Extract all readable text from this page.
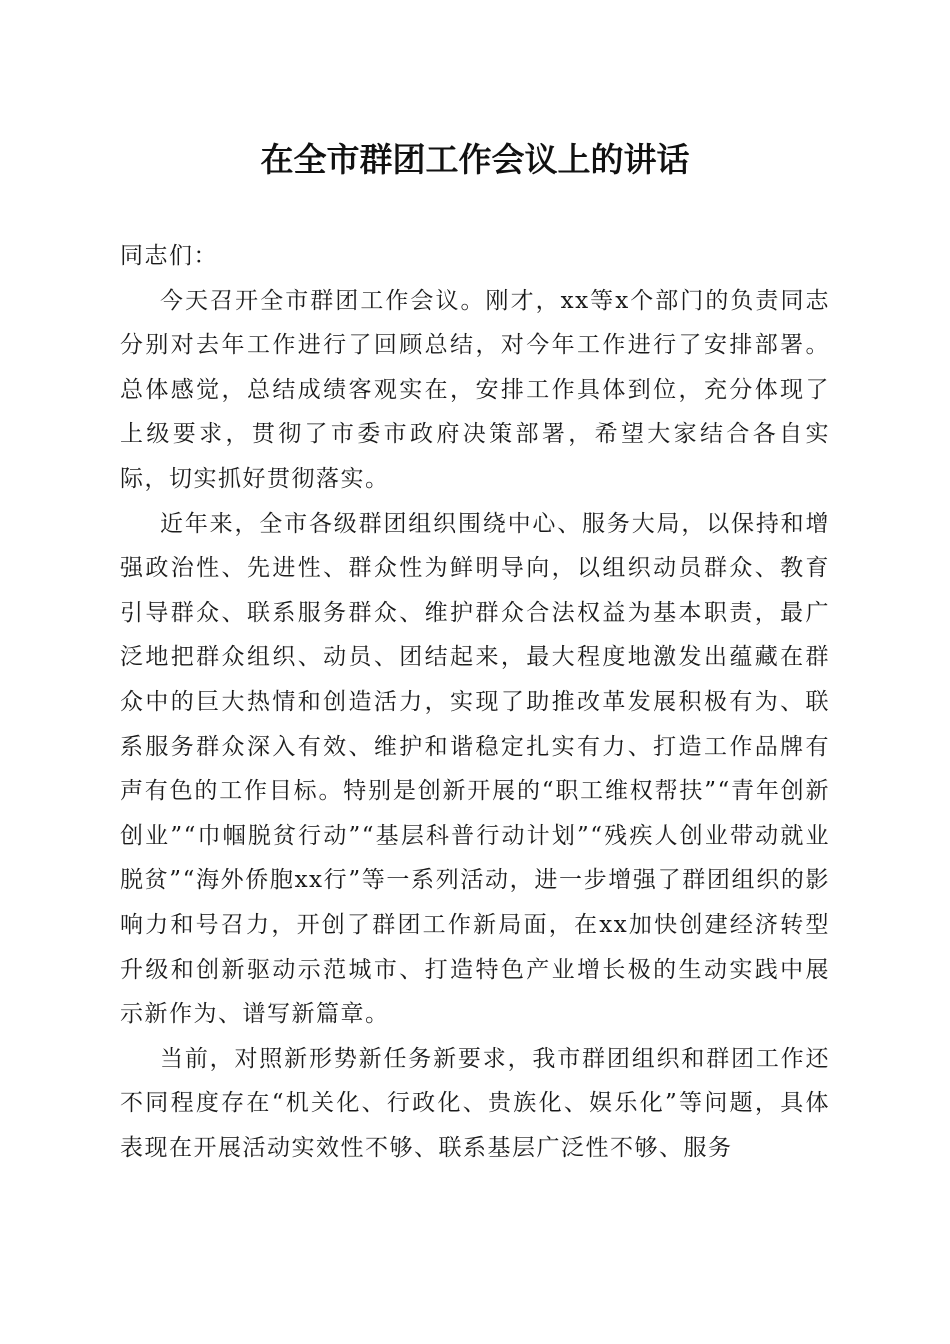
在全市群团工作会议上的讲话

同志们：

今天召开全市群团工作会议。刚才，xx等x个部门的负责同志分别对去年工作进行了回顾总结，对今年工作进行了安排部署。总体感觉，总结成绩客观实在，安排工作具体到位，充分体现了上级要求，贯彻了市委市政府决策部署，希望大家结合各自实际，切实抓好贯彻落实。

近年来，全市各级群团组织围绕中心、服务大局，以保持和增强政治性、先进性、群众性为鲜明导向，以组织动员群众、教育引导群众、联系服务群众、维护群众合法权益为基本职责，最广泛地把群众组织、动员、团结起来，最大程度地激发出蕴藏在群众中的巨大热情和创造活力，实现了助推改革发展积极有为、联系服务群众深入有效、维护和谐稳定扎实有力、打造工作品牌有声有色的工作目标。特别是创新开展的“职工维权帮扶”“青年创新创业”“巾帼脱贫行动”“基层科普行动计划”“残疾人创业带动就业脱贫”“海外侨胞xx行”等一系列活动，进一步增强了群团组织的影响力和号召力，开创了群团工作新局面，在xx加快创建经济转型升级和创新驱动示范城市、打造特色产业增长极的生动实践中展示新作为、谱写新篇章。

当前，对照新形势新任务新要求，我市群团组织和群团工作还不同程度存在“机关化、行政化、贵族化、娱乐化”等问题，具体表现在开展活动实效性不够、联系基层广泛性不够、服务
